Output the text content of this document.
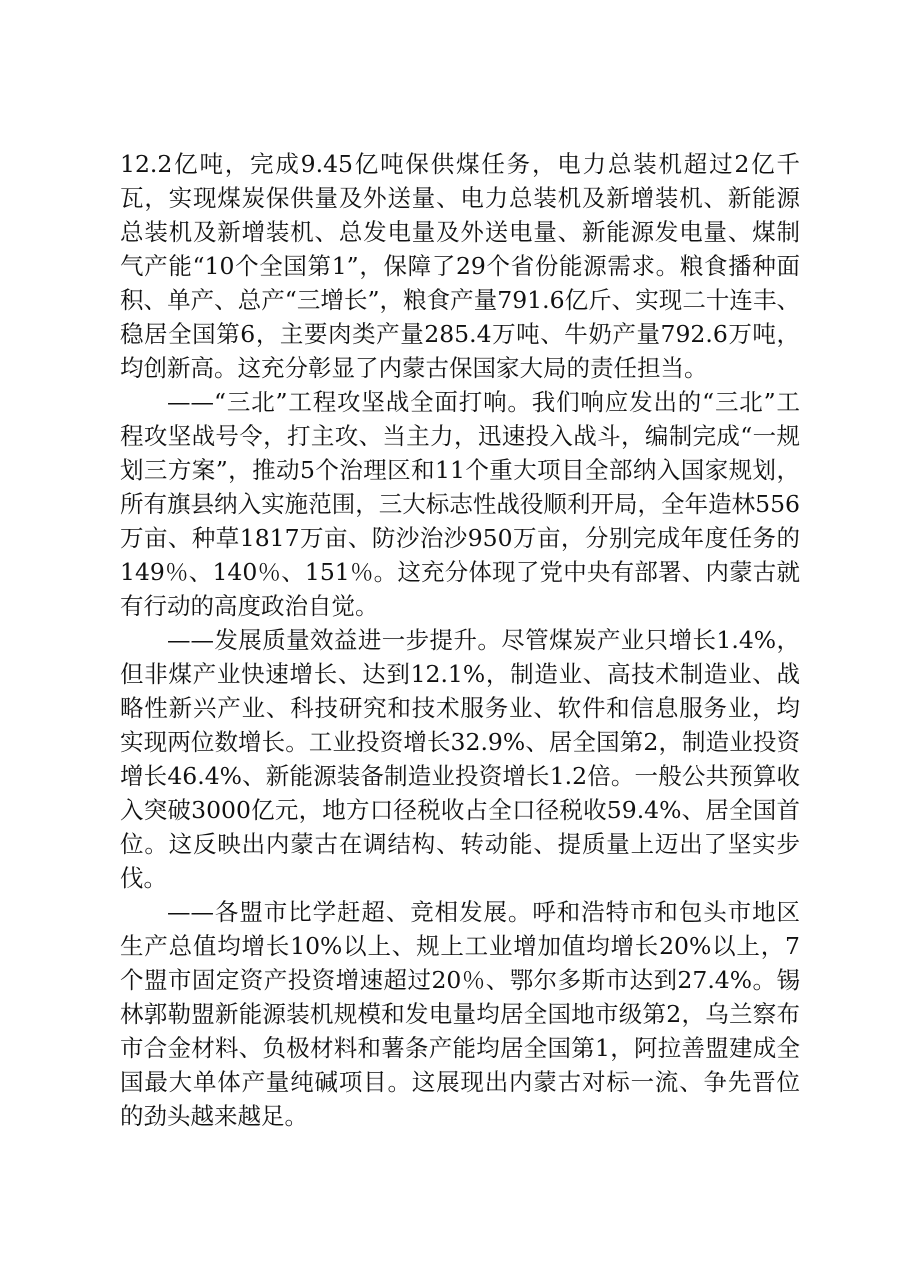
12.2亿吨，完成9.45亿吨保供煤任务，电力总装机超过2亿千瓦，实现煤炭保供量及外送量、电力总装机及新增装机、新能源总装机及新增装机、总发电量及外送电量、新能源发电量、煤制气产能“10个全国第1”，保障了29个省份能源需求。粮食播种面积、单产、总产“三增长”，粮食产量791.6亿斤、实现二十连丰、稳居全国第6，主要肉类产量285.4万吨、牛奶产量792.6万吨，均创新高。这充分彰显了内蒙古保国家大局的责任担当。

——“三北”工程攻坚战全面打响。我们响应发出的“三北”工程攻坚战号令，打主攻、当主力，迅速投入战斗，编制完成“一规划三方案”，推动5个治理区和11个重大项目全部纳入国家规划，所有旗县纳入实施范围，三大标志性战役顺利开局，全年造林556万亩、种草1817万亩、防沙治沙950万亩，分别完成年度任务的149％、140％、151％。这充分体现了党中央有部署、内蒙古就有行动的高度政治自觉。

——发展质量效益进一步提升。尽管煤炭产业只增长1.4%，但非煤产业快速增长、达到12.1%，制造业、高技术制造业、战略性新兴产业、科技研究和技术服务业、软件和信息服务业，均实现两位数增长。工业投资增长32.9%、居全国第2，制造业投资增长46.4%、新能源装备制造业投资增长1.2倍。一般公共预算收入突破3000亿元，地方口径税收占全口径税收59.4%、居全国首位。这反映出内蒙古在调结构、转动能、提质量上迈出了坚实步伐。

——各盟市比学赶超、竞相发展。呼和浩特市和包头市地区生产总值均增长10%以上、规上工业增加值均增长20%以上，7个盟市固定资产投资增速超过20％、鄂尔多斯市达到27.4%。锡林郭勒盟新能源装机规模和发电量均居全国地市级第2，乌兰察布市合金材料、负极材料和薯条产能均居全国第1，阿拉善盟建成全国最大单体产量纯碱项目。这展现出内蒙古对标一流、争先晋位的劲头越来越足。
